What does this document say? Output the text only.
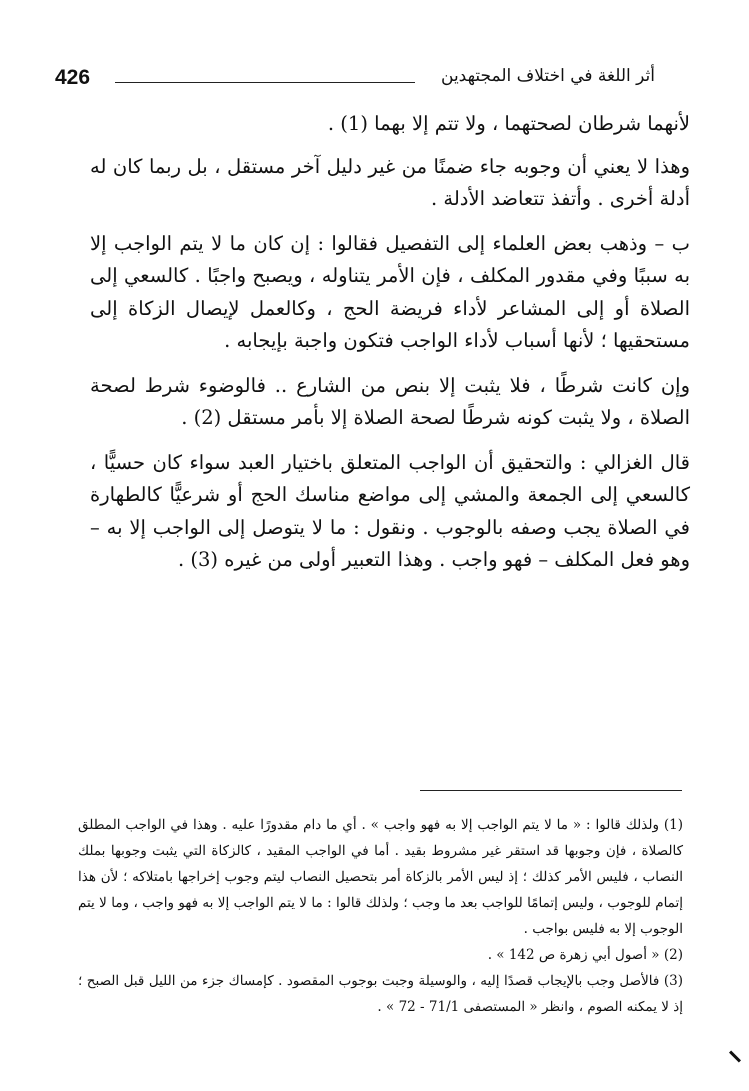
426	أثر اللغة في اختلاف المجتهدين

لأنهما شرطان لصحتهما ، ولا تتم إلا بهما (1) .

وهذا لا يعني أن وجوبه جاء ضمنًا من غير دليل آخر مستقل ، بل ربما كان له أدلة أخرى . وأتفذ تتعاضد الأدلة .

ب – وذهب بعض العلماء إلى التفصيل فقالوا : إن كان ما لا يتم الواجب إلا به سببًا وفي مقدور المكلف ، فإن الأمر يتناوله ، ويصبح واجبًا . كالسعي إلى الصلاة أو إلى المشاعر لأداء فريضة الحج ، وكالعمل لإيصال الزكاة إلى مستحقيها ؛ لأنها أسباب لأداء الواجب فتكون واجبة بإيجابه .

وإن كانت شرطًا ، فلا يثبت إلا بنص من الشارع .. فالوضوء شرط لصحة الصلاة ، ولا يثبت كونه شرطًا لصحة الصلاة إلا بأمر مستقل (2) .

قال الغزالي : والتحقيق أن الواجب المتعلق باختيار العبد سواء كان حسيًّا ، كالسعي إلى الجمعة والمشي إلى مواضع مناسك الحج أو شرعيًّا كالطهارة في الصلاة يجب وصفه بالوجوب . ونقول : ما لا يتوصل إلى الواجب إلا به – وهو فعل المكلف – فهو واجب . وهذا التعبير أولى من غيره (3) .

(1) ولذلك قالوا : « ما لا يتم الواجب إلا به فهو واجب » . أي ما دام مقدورًا عليه . وهذا في الواجب المطلق كالصلاة ، فإن وجوبها قد استقر غير مشروط بقيد . أما في الواجب المقيد ، كالزكاة التي يثبت وجوبها بملك النصاب ، فليس الأمر كذلك ؛ إذ ليس الأمر بالزكاة أمر بتحصيل النصاب ليتم وجوب إخراجها بامتلاكه ؛ لأن هذا إتمام للوجوب ، وليس إتمامًا للواجب بعد ما وجب ؛ ولذلك قالوا : ما لا يتم الواجب إلا به فهو واجب ، وما لا يتم الوجوب إلا به فليس بواجب .

(2) « أصول أبي زهرة ص 142 » .

(3) فالأصل وجب بالإيجاب قصدًا إليه ، والوسيلة وجبت بوجوب المقصود . كإمساك جزء من الليل قبل الصبح ؛ إذ لا يمكنه الصوم ، وانظر « المستصفى 71/1 - 72 » .
